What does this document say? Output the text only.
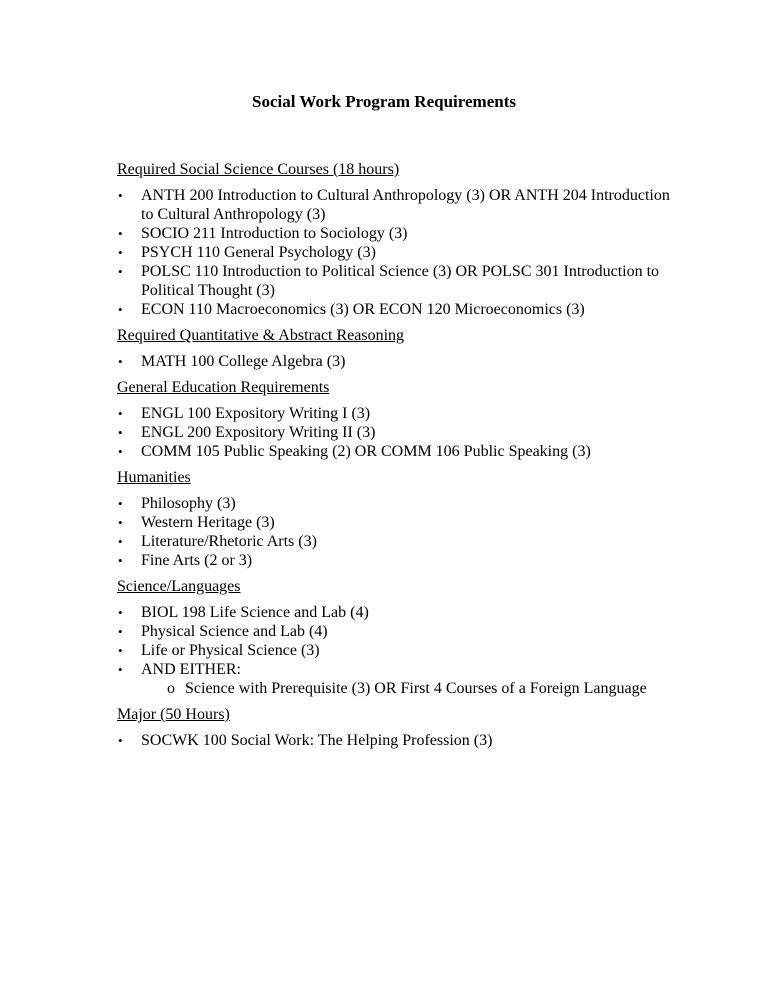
Social Work Program Requirements
Required Social Science Courses (18 hours)
•	ANTH 200 Introduction to Cultural Anthropology (3) OR ANTH 204 Introduction to Cultural Anthropology (3)
•	SOCIO 211 Introduction to Sociology (3)
•	PSYCH 110 General Psychology (3)
•	POLSC 110 Introduction to Political Science (3) OR POLSC 301 Introduction to Political Thought (3)
•	ECON 110 Macroeconomics (3) OR ECON 120 Microeconomics (3)
Required Quantitative & Abstract Reasoning
•	MATH 100 College Algebra (3)
General Education Requirements
•	ENGL 100 Expository Writing I (3)
•	ENGL 200 Expository Writing II (3)
•	COMM 105 Public Speaking (2) OR COMM 106 Public Speaking (3)
Humanities
•	Philosophy (3)
•	Western Heritage (3)
•	Literature/Rhetoric Arts (3)
•	Fine Arts (2 or 3)
Science/Languages
•	BIOL 198 Life Science and Lab (4)
•	Physical Science and Lab (4)
•	Life or Physical Science (3)
•	AND EITHER:
o Science with Prerequisite (3) OR First 4 Courses of a Foreign Language
Major (50 Hours)
•	SOCWK 100 Social Work: The Helping Profession (3)
